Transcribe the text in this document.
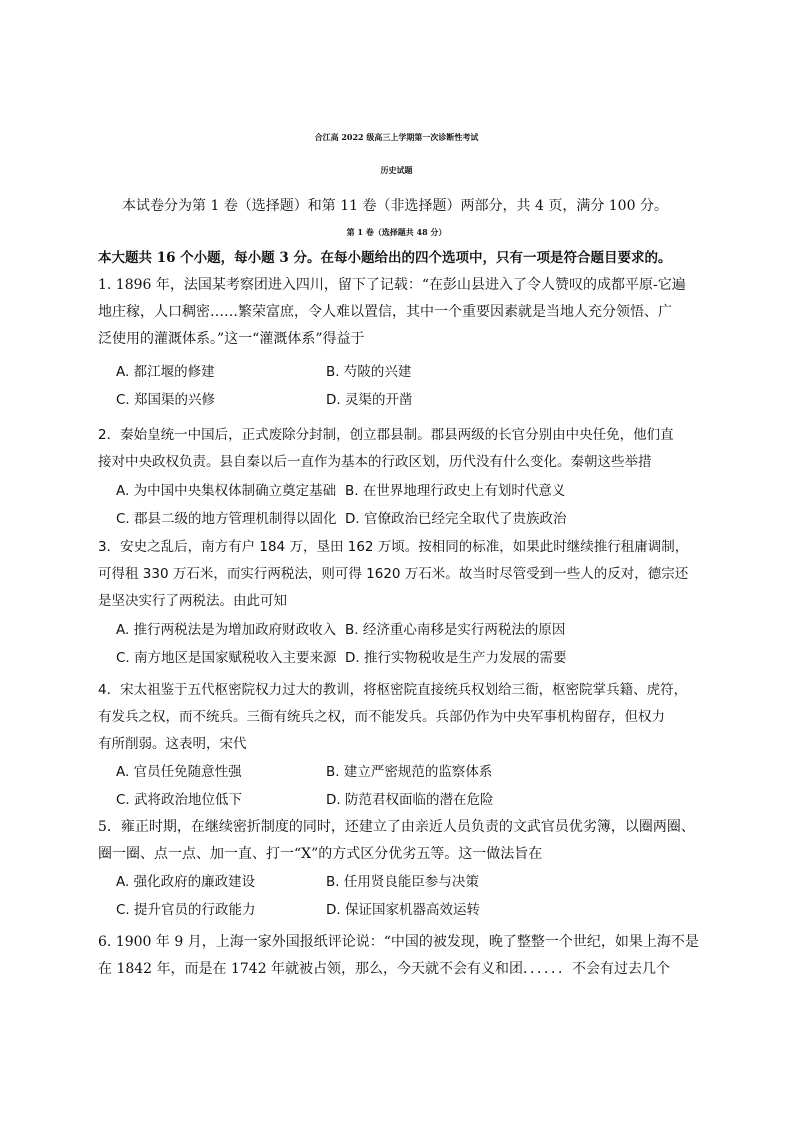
合江高 2022 级高三上学期第一次诊断性考试
历史试题
本试卷分为第 1 卷（选择题）和第 11 卷（非选择题）两部分，共 4 页，满分 100 分。
第 1 卷（选择题共 48 分）
本大题共 16 个小题，每小题 3 分。在每小题给出的四个选项中，只有一项是符合题目要求的。
1. 1896 年，法国某考察团进入四川，留下了记载：“在彭山县进入了令人赞叹的成都平原-它遍
地庄稼，人口稠密……繁荣富庶，令人难以置信，其中一个重要因素就是当地人充分领悟、广
泛使用的灌溉体系。”这一“灌溉体系”得益于
A. 都江堰的修建	B. 芍陂的兴建
C. 郑国渠的兴修	D. 灵渠的开凿
2．秦始皇统一中国后，正式废除分封制，创立郡县制。郡县两级的长官分别由中央任免，他们直
接对中央政权负责。县自秦以后一直作为基本的行政区划，历代没有什么变化。秦朝这些举措
A. 为中国中央集权体制确立奠定基础 B. 在世界地理行政史上有划时代意义
C. 郡县二级的地方管理机制得以固化 D. 官僚政治已经完全取代了贵族政治
3．安史之乱后，南方有户 184 万，垦田 162 万顷。按相同的标准，如果此时继续推行租庸调制，
可得租 330 万石米，而实行两税法，则可得 1620 万石米。故当时尽管受到一些人的反对，德宗还
是坚决实行了两税法。由此可知
A. 推行两税法是为增加政府财政收入 B. 经济重心南移是实行两税法的原因
C. 南方地区是国家赋税收入主要来源 D. 推行实物税收是生产力发展的需要
4．宋太祖鉴于五代枢密院权力过大的教训，将枢密院直接统兵权划给三衙，枢密院掌兵籍、虎符，
有发兵之权，而不统兵。三衙有统兵之权，而不能发兵。兵部仍作为中央军事机构留存，但权力
有所削弱。这表明，宋代
A. 官员任免随意性强	B. 建立严密规范的监察体系
C. 武将政治地位低下	D. 防范君权面临的潜在危险
5．雍正时期，在继续密折制度的同时，还建立了由亲近人员负责的文武官员优劣簿，以圈两圈、
圈一圈、点一点、加一直、打一“X”的方式区分优劣五等。这一做法旨在
A. 强化政府的廉政建设	B. 任用贤良能臣参与决策
C. 提升官员的行政能力	D. 保证国家机器高效运转
6. 1900 年 9 月，上海一家外国报纸评论说：“中国的被发现，晚了整整一个世纪，如果上海不是
在 1842 年，而是在 1742 年就被占领，那么，今天就不会有义和团．．．．．．不会有过去几个
